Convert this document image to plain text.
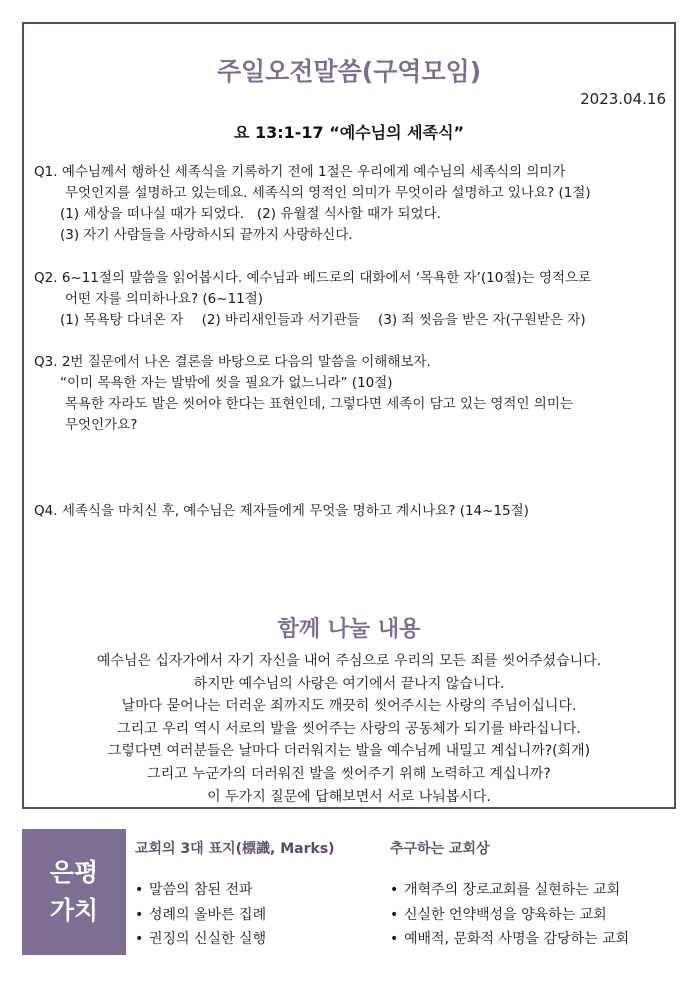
주일오전말씀(구역모임)
2023.04.16
요 13:1-17 “예수님의 세족식”
Q1. 예수님께서 행하신 세족식을 기록하기 전에 1절은 우리에게 예수님의 세족식의 의미가
무엇인지를 설명하고 있는데요. 세족식의 영적인 의미가 무엇이라 설명하고 있나요? (1절)
(1) 세상을 떠나실 때가 되었다.   (2) 유월절 식사할 때가 되었다.
(3) 자기 사람들을 사랑하시되 끝까지 사랑하신다.
Q2. 6~11절의 말씀을 읽어봅시다. 예수님과 베드로의 대화에서 ‘목욕한 자’(10절)는 영적으로
어떤 자를 의미하나요? (6~11절)
(1) 목욕탕 다녀온 자 (2) 바리새인들과 서기관들 (3) 죄 씻음을 받은 자(구원받은 자)
Q3. 2번 질문에서 나온 결론을 바탕으로 다음의 말씀을 이해해보자.
“이미 목욕한 자는 발밖에 씻을 필요가 없느니라” (10절)
목욕한 자라도 발은 씻어야 한다는 표현인데, 그렇다면 세족이 담고 있는 영적인 의미는
무엇인가요?
Q4. 세족식을 마치신 후, 예수님은 제자들에게 무엇을 명하고 계시나요? (14~15절)
함께 나눌 내용
예수님은 십자가에서 자기 자신을 내어 주심으로 우리의 모든 죄를 씻어주셨습니다.
하지만 예수님의 사랑은 여기에서 끝나지 않습니다.
날마다 묻어나는 더러운 죄까지도 깨끗히 씻어주시는 사랑의 주님이십니다.
그리고 우리 역시 서로의 발을 씻어주는 사랑의 공동체가 되기를 바라십니다.
그렇다면 여러분들은 날마다 더러워지는 발을 예수님께 내밀고 계십니까?(회개)
그리고 누군가의 더러워진 발을 씻어주기 위해 노력하고 계십니까?
이 두가지 질문에 답해보면서 서로 나눠봅시다.
은평
가치
교회의 3대 표지(標識, Marks)
• 말씀의 참된 전파
• 성례의 올바른 집례
• 권징의 신실한 실행
추구하는 교회상
• 개혁주의 장로교회를 실현하는 교회
• 신실한 언약백성을 양육하는 교회
• 예배적, 문화적 사명을 감당하는 교회
